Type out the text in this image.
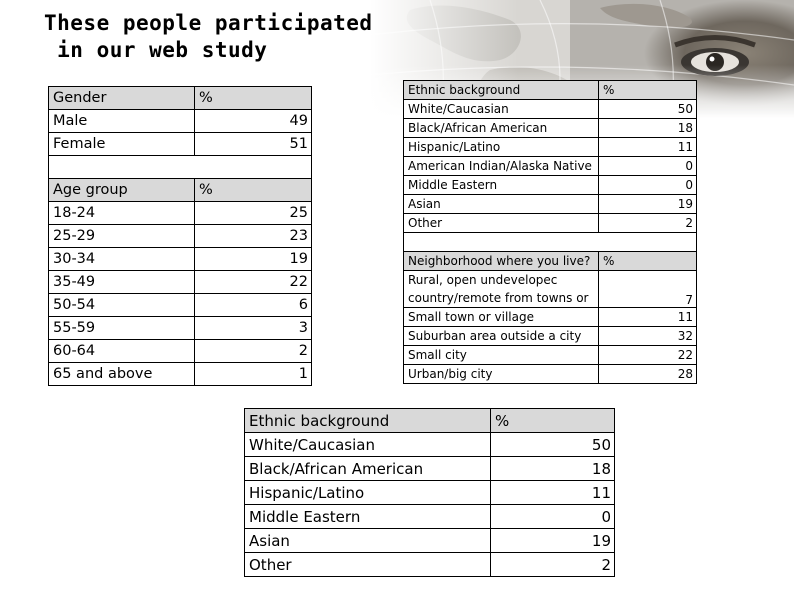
These people participated
in our web study
Gender	%
Male	49
Female	51

Age group	%
18-24	25
25-29	23
30-34	19
35-49	22
50-54	6
55-59	3
60-64	2
65 and above	1
Ethnic background	%
White/Caucasian	50
Black/African American	18
Hispanic/Latino	11
American Indian/Alaska Native	0
Middle Eastern	0
Asian	19
Other	2

Neighborhood where you live?	%
Rural, open undevelopec country/remote from towns or	7
Small town or village	11
Suburban area outside a city	32
Small city	22
Urban/big city	28
Ethnic background	%
White/Caucasian	50
Black/African American	18
Hispanic/Latino	11
Middle Eastern	0
Asian	19
Other	2
